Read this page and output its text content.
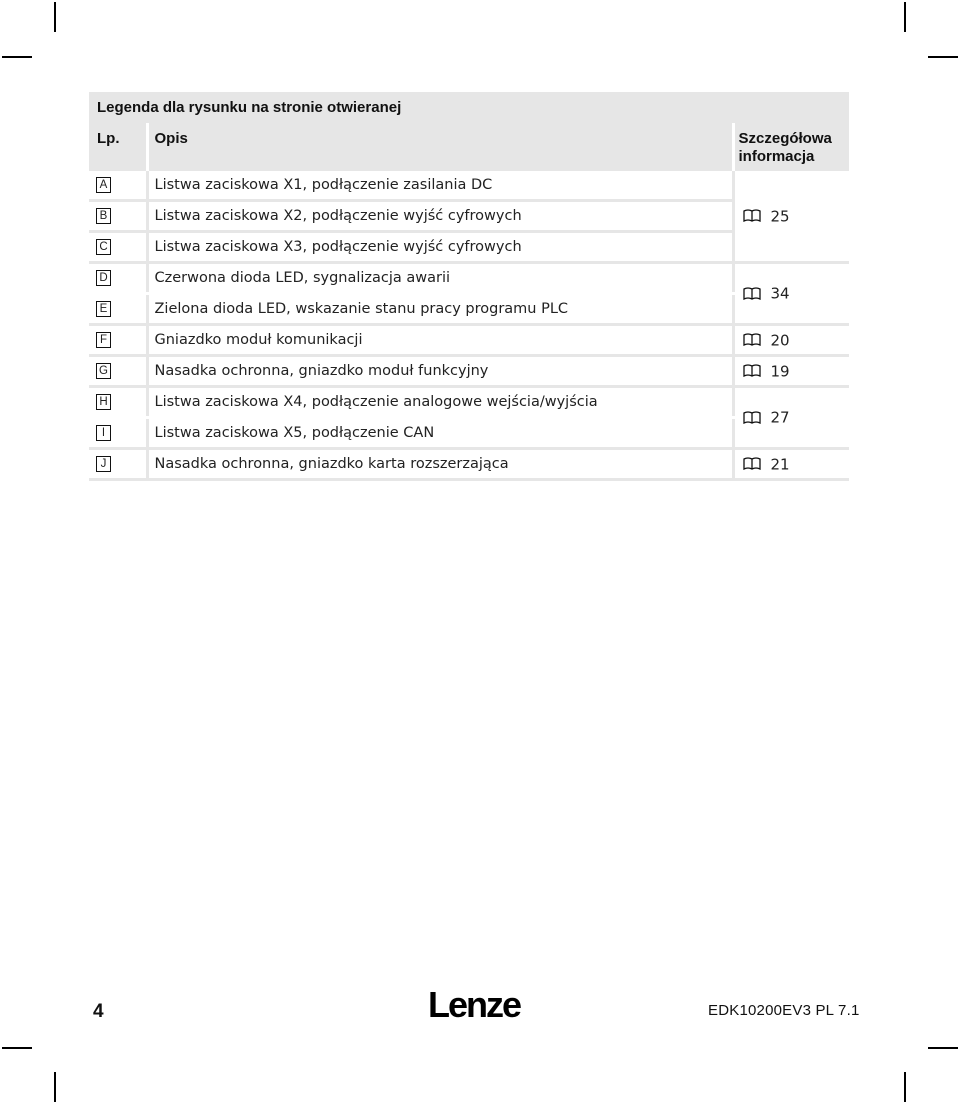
Legenda dla rysunku na stronie otwieranej
Lp.	Opis	Szczegółowa informacja
A	Listwa zaciskowa X1, podłączenie zasilania DC	25
B	Listwa zaciskowa X2, podłączenie wyjść cyfrowych	
C	Listwa zaciskowa X3, podłączenie wyjść cyfrowych	
D	Czerwona dioda LED, sygnalizacja awarii	34
E	Zielona dioda LED, wskazanie stanu pracy programu PLC	
F	Gniazdko moduł komunikacji	20
G	Nasadka ochronna, gniazdko moduł funkcyjny	19
H	Listwa zaciskowa X4, podłączenie analogowe wejścia/wyjścia	27
I	Listwa zaciskowa X5, podłączenie CAN	
J	Nasadka ochronna, gniazdko karta rozszerzająca	21
4	Lenze	EDK10200EV3 PL 7.1
